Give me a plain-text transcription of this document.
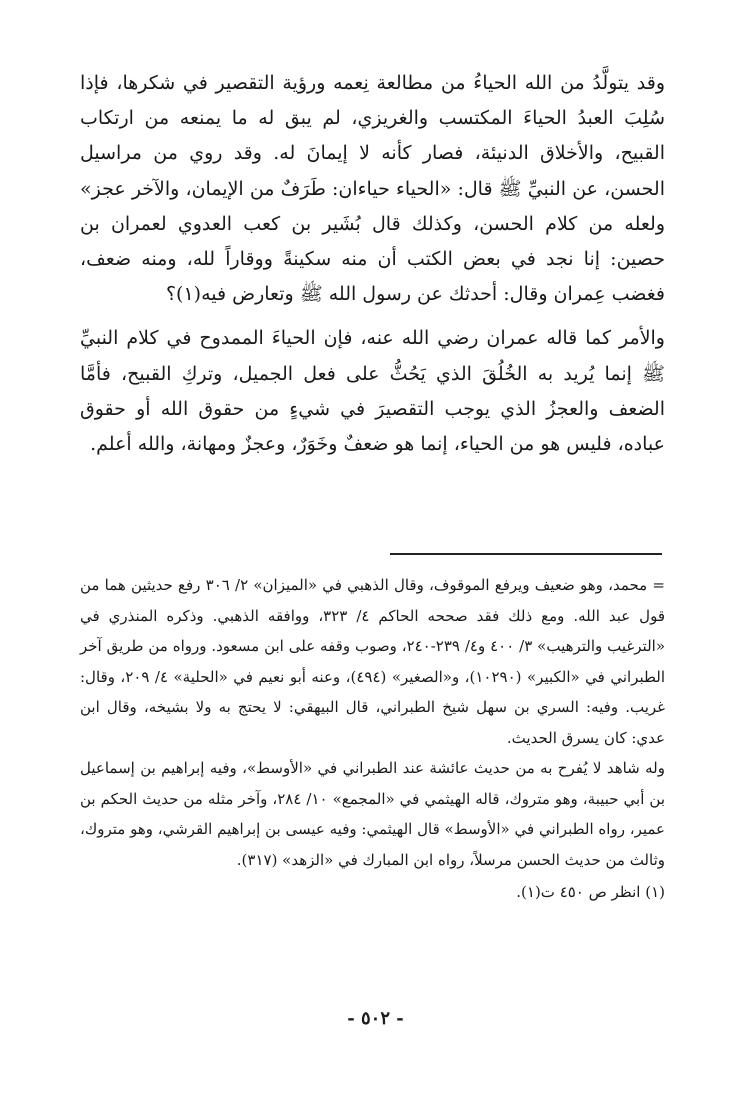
وقد يتولَّدُ من الله الحياءُ من مطالعة نِعمه ورؤية التقصير في شكرها، فإذا سُلِبَ العبدُ الحياءَ المكتسب والغريزي، لم يبق له ما يمنعه من ارتكاب القبيح، والأخلاق الدنيئة، فصار كأنه لا إيمانَ له. وقد روي من مراسيل الحسن، عن النبيِّ ﷺ قال: «الحياء حياءان: طَرَفٌ من الإيمان، والآخر عجز» ولعله من كلام الحسن، وكذلك قال بُشَير بن كعب العدوي لعمران بن حصين: إنا نجد في بعض الكتب أن منه سكينةً ووقاراً لله، ومنه ضعف، فغضب عِمران وقال: أحدثك عن رسول الله ﷺ وتعارض فيه(١)؟

والأمر كما قاله عمران رضي الله عنه، فإن الحياءَ الممدوح في كلام النبيِّ ﷺ إنما يُريد به الخُلُقَ الذي يَحُثُّ على فعل الجميل، وتركِ القبيح، فأمَّا الضعف والعجزُ الذي يوجب التقصيرَ في شيءٍ من حقوق الله أو حقوق عباده، فليس هو من الحياء، إنما هو ضعفٌ وخَوَرٌ، وعجزٌ ومهانة، والله أعلم.

= محمد، وهو ضعيف ويرفع الموقوف، وقال الذهبي في «الميزان» ٢/ ٣٠٦ رفع حديثين هما من قول عبد الله. ومع ذلك فقد صححه الحاكم ٤/ ٣٢٣، ووافقه الذهبي. وذكره المنذري في «الترغيب والترهيب» ٣/ ٤٠٠ و٤/ ٢٣٩-٢٤٠، وصوب وقفه على ابن مسعود. ورواه من طريق آخر الطبراني في «الكبير» (١٠٢٩٠)، و«الصغير» (٤٩٤)، وعنه أبو نعيم في «الحلية» ٤/ ٢٠٩، وقال: غريب. وفيه: السري بن سهل شيخ الطبراني، قال البيهقي: لا يحتج به ولا بشيخه، وقال ابن عدي: كان يسرق الحديث.

وله شاهد لا يُفرح به من حديث عائشة عند الطبراني في «الأوسط»، وفيه إبراهيم بن إسماعيل بن أبي حبيبة، وهو متروك، قاله الهيثمي في «المجمع» ١٠/ ٢٨٤، وآخر مثله من حديث الحكم بن عمير، رواه الطبراني في «الأوسط» قال الهيثمي: وفيه عيسى بن إبراهيم القرشي، وهو متروك، وثالث من حديث الحسن مرسلاً، رواه ابن المبارك في «الزهد» (٣١٧).

(١) انظر ص ٤٥٠ ت(١).

- ٥٠٢ -
